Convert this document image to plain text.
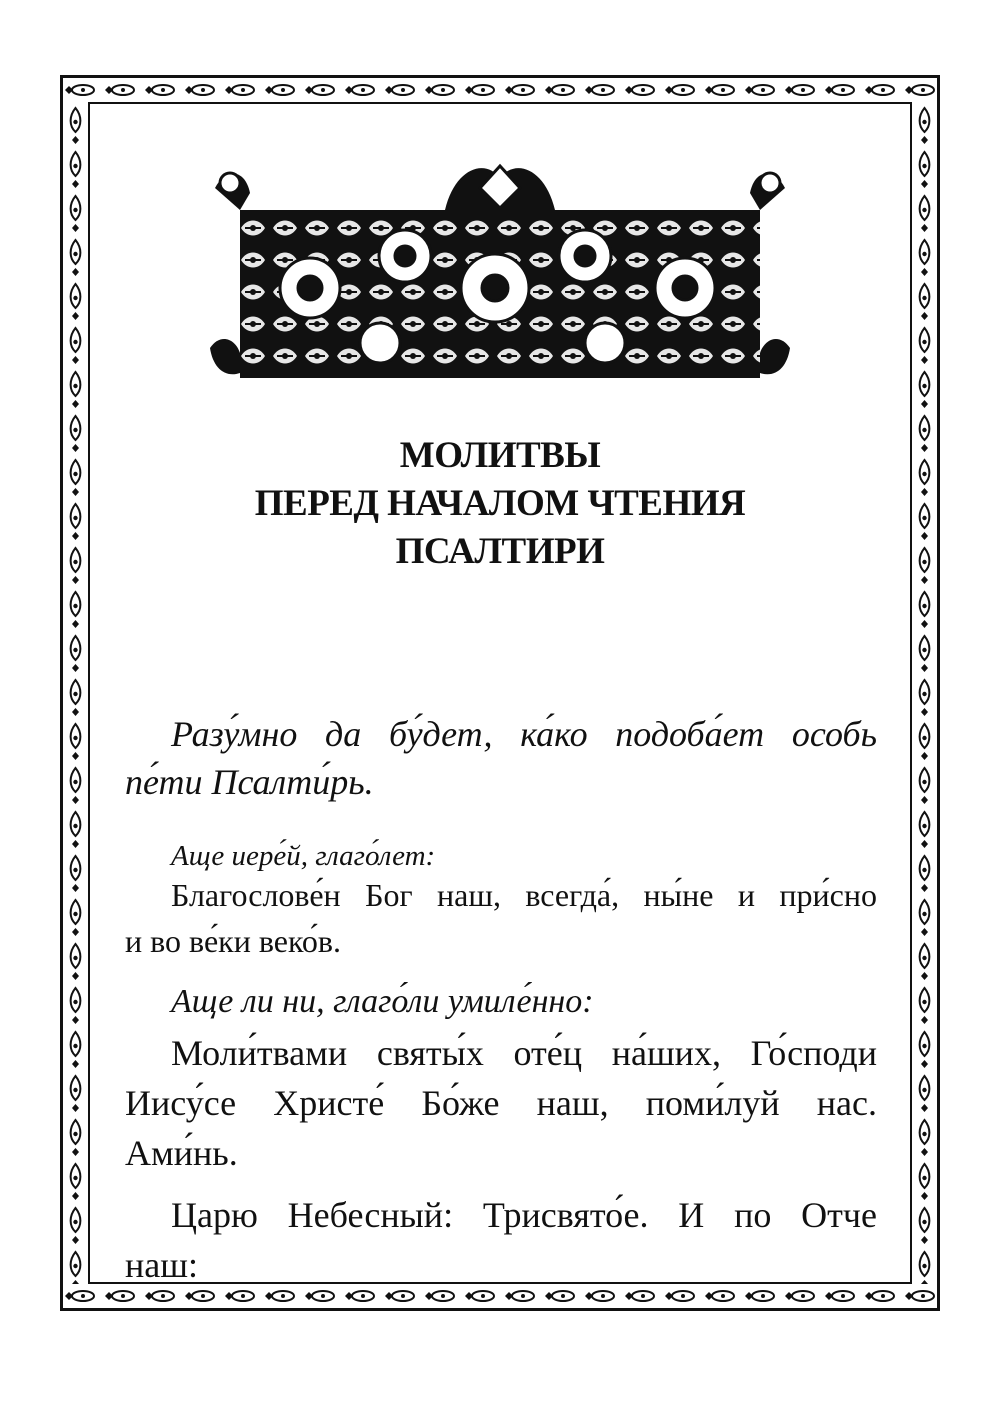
МОЛИТВЫ
ПЕРЕД НАЧАЛОМ ЧТЕНИЯ
ПСАЛТИРИ
Разу́мно да бу́дет, ка́ко подоба́ет особь
пе́ти Псалти́рь.
Аще иере́й, глаго́лет:
Благослове́н Бог наш, всегда́, ны́не и при́сно
и во ве́ки веко́в.
Аще ли ни, глаго́ли умиле́нно:
Моли́твами святы́х оте́ц на́ших, Го́споди
Иису́се Христе́ Бо́же наш, поми́луй нас.
Ами́нь.
Царю Небесный: Трисвято́е. И по Отче
наш:
